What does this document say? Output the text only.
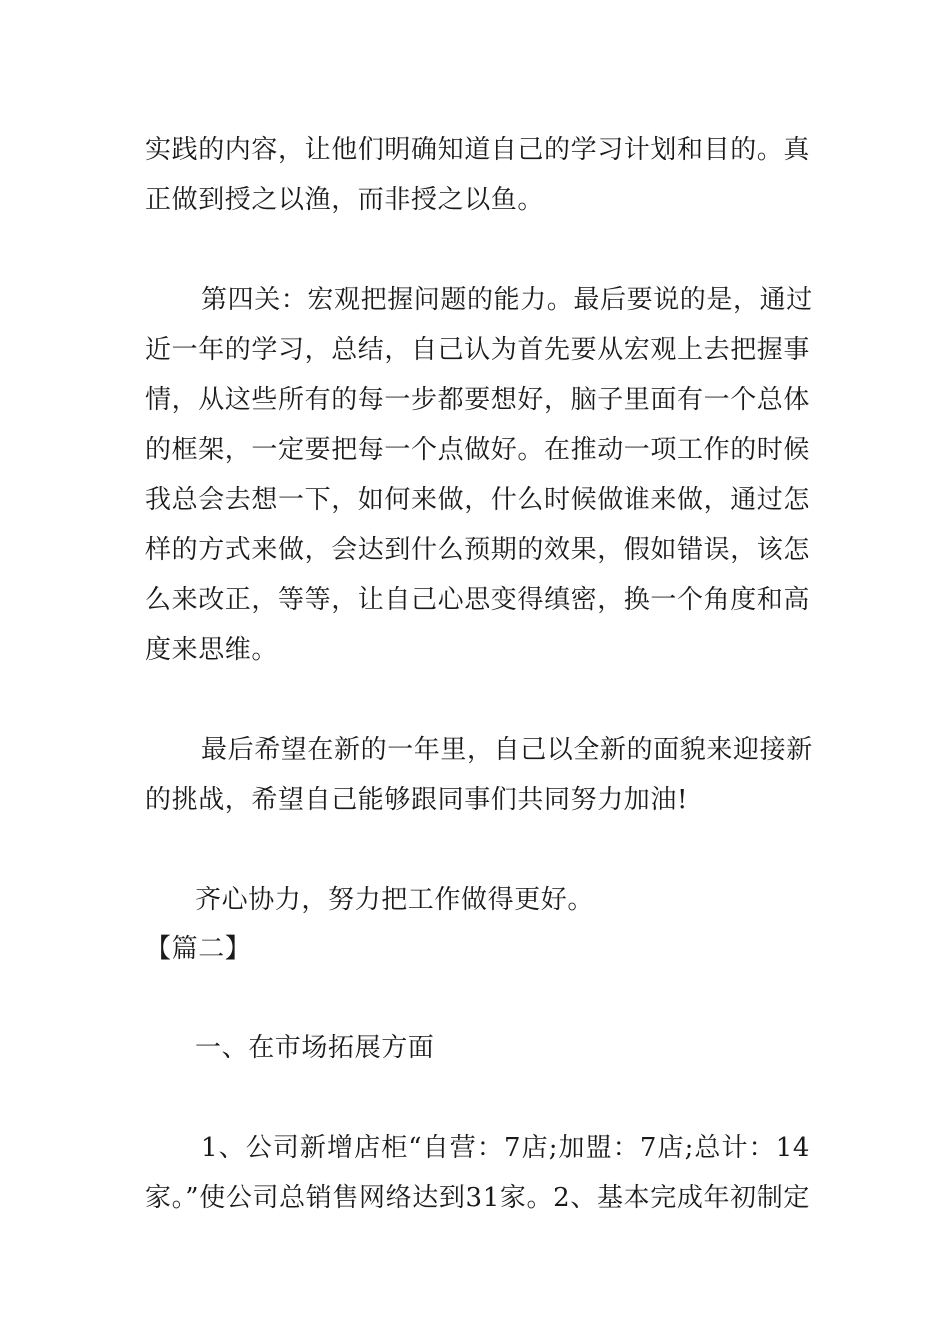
实践的内容，让他们明确知道自己的学习计划和目的。真
正做到授之以渔，而非授之以鱼。
第四关：宏观把握问题的能力。最后要说的是，通过
近一年的学习，总结，自己认为首先要从宏观上去把握事
情，从这些所有的每一步都要想好，脑子里面有一个总体
的框架，一定要把每一个点做好。在推动一项工作的时候
我总会去想一下，如何来做，什么时候做谁来做，通过怎
样的方式来做，会达到什么预期的效果，假如错误，该怎
么来改正，等等，让自己心思变得缜密，换一个角度和高
度来思维。
最后希望在新的一年里，自己以全新的面貌来迎接新
的挑战，希望自己能够跟同事们共同努力加油!
齐心协力，努力把工作做得更好。
【篇二】
一、在市场拓展方面
1、公司新增店柜“自营：7店;加盟：7店;总计：14
家。”使公司总销售网络达到31家。2、基本完成年初制定
